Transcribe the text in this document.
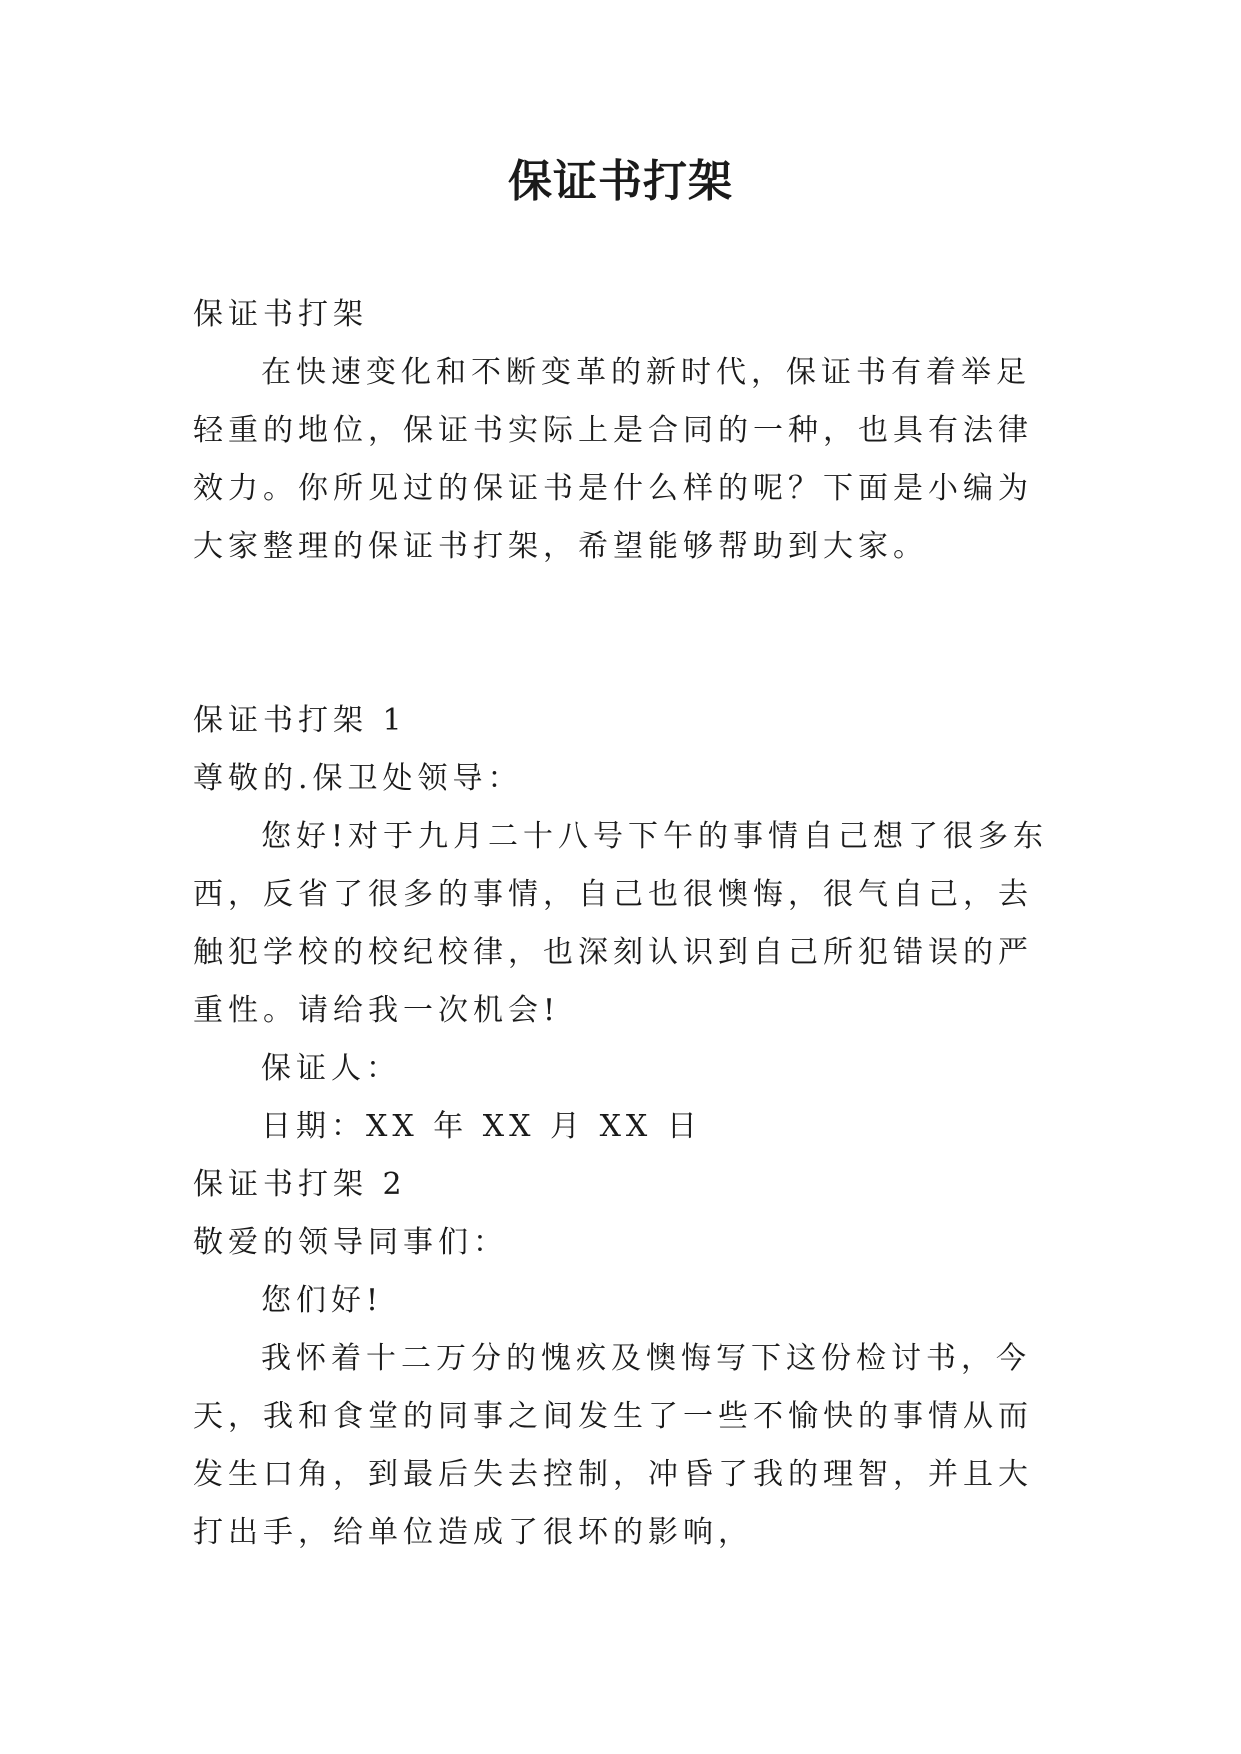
保证书打架

保证书打架

在快速变化和不断变革的新时代，保证书有着举足轻重的地位，保证书实际上是合同的一种，也具有法律效力。你所见过的保证书是什么样的呢？下面是小编为大家整理的保证书打架，希望能够帮助到大家。

保证书打架 1

尊敬的.保卫处领导：

您好!对于九月二十八号下午的事情自己想了很多东西，反省了很多的事情，自己也很懊悔，很气自己，去触犯学校的校纪校律，也深刻认识到自己所犯错误的严重性。请给我一次机会!

保证人：

日期：XX 年 XX 月 XX 日

保证书打架 2

敬爱的领导同事们：

您们好!

我怀着十二万分的愧疚及懊悔写下这份检讨书，今天，我和食堂的同事之间发生了一些不愉快的事情从而发生口角，到最后失去控制，冲昏了我的理智，并且大打出手，给单位造成了很坏的影响，
